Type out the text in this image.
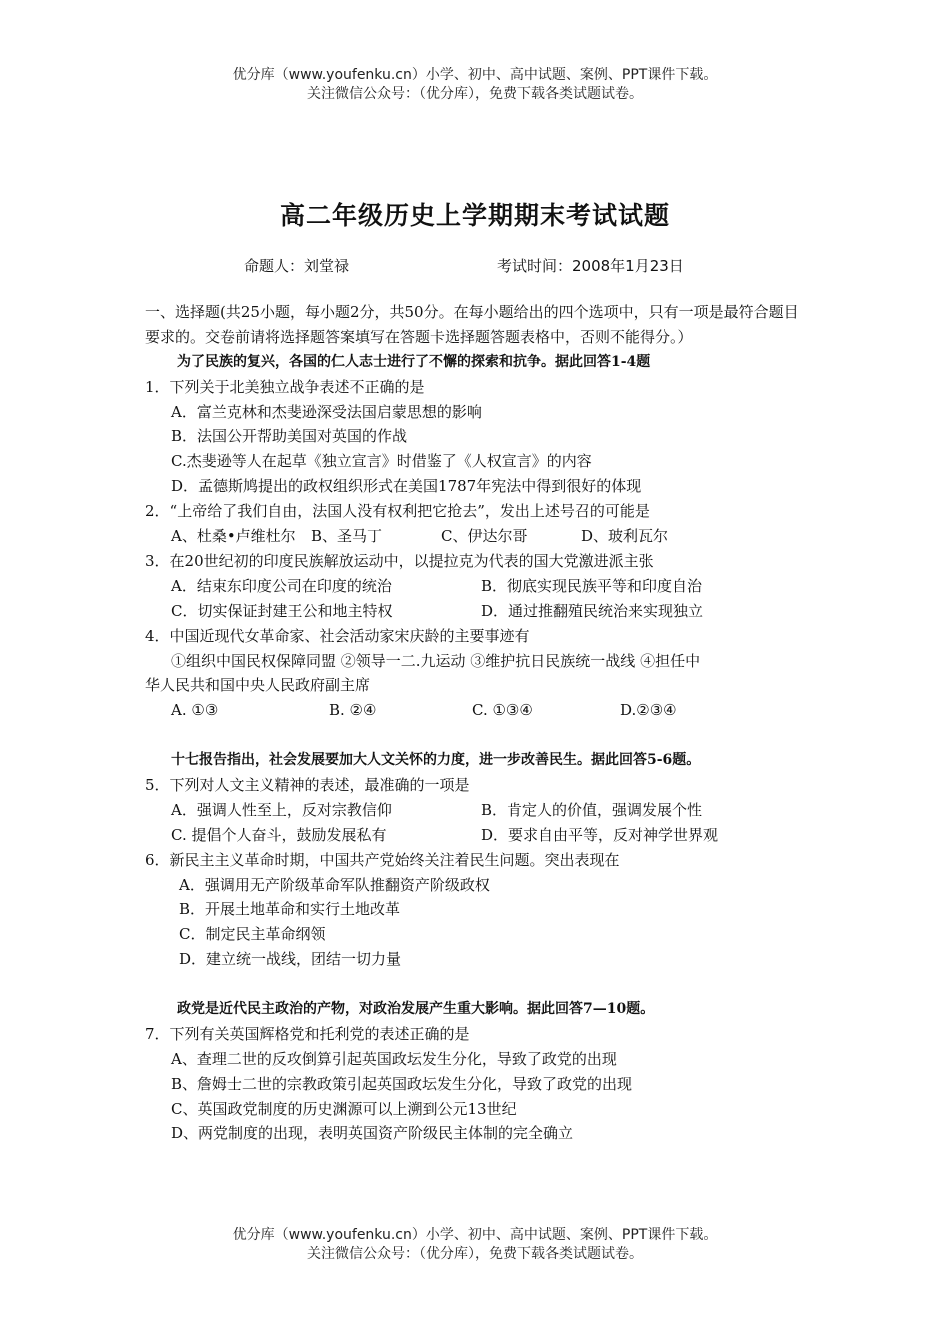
优分库（www.youfenku.cn）小学、初中、高中试题、案例、PPT课件下载。
关注微信公众号：（优分库），免费下载各类试题试卷。
高二年级历史上学期期末考试试题
命题人：刘堂禄	考试时间：2008年1月23日
一、选择题(共25小题，每小题2分，共50分。在每小题给出的四个选项中，只有一项是最符合题目要求的。交卷前请将选择题答案填写在答题卡选择题答题表格中，否则不能得分。）
为了民族的复兴，各国的仁人志士进行了不懈的探索和抗争。据此回答1-4题
1．下列关于北美独立战争表述不正确的是
A．富兰克林和杰斐逊深受法国启蒙思想的影响
B．法国公开帮助美国对英国的作战
C.杰斐逊等人在起草《独立宣言》时借鉴了《人权宣言》的内容
D．孟德斯鸠提出的政权组织形式在美国1787年宪法中得到很好的体现
2．“上帝给了我们自由，法国人没有权利把它抢去”，发出上述号召的可能是
A、杜桑•卢维杜尔 B、圣马丁	C、伊达尔哥	D、玻利瓦尔
3．在20世纪初的印度民族解放运动中，以提拉克为代表的国大党激进派主张
A．结束东印度公司在印度的统治	B．彻底实现民族平等和印度自治
C．切实保证封建王公和地主特权	D．通过推翻殖民统治来实现独立
4．中国近现代女革命家、社会活动家宋庆龄的主要事迹有
①组织中国民权保障同盟 ②领导一二.九运动 ③维护抗日民族统一战线 ④担任中
华人民共和国中央人民政府副主席
A. ①③	B. ②④	C. ①③④	D.②③④
十七报告指出，社会发展要加大人文关怀的力度，进一步改善民生。据此回答5-6题。
5．下列对人文主义精神的表述，最准确的一项是
A．强调人性至上，反对宗教信仰	B．肯定人的价值，强调发展个性
C. 提倡个人奋斗，鼓励发展私有	D．要求自由平等，反对神学世界观
6．新民主主义革命时期，中国共产党始终关注着民生问题。突出表现在
A．强调用无产阶级革命军队推翻资产阶级政权
B．开展土地革命和实行土地改革
C．制定民主革命纲领
D．建立统一战线，团结一切力量
政党是近代民主政治的产物，对政治发展产生重大影响。据此回答7—10题。
7．下列有关英国辉格党和托利党的表述正确的是
A、查理二世的反攻倒算引起英国政坛发生分化，导致了政党的出现
B、詹姆士二世的宗教政策引起英国政坛发生分化，导致了政党的出现
C、英国政党制度的历史渊源可以上溯到公元13世纪
D、两党制度的出现，表明英国资产阶级民主体制的完全确立
优分库（www.youfenku.cn）小学、初中、高中试题、案例、PPT课件下载。
关注微信公众号：（优分库），免费下载各类试题试卷。
